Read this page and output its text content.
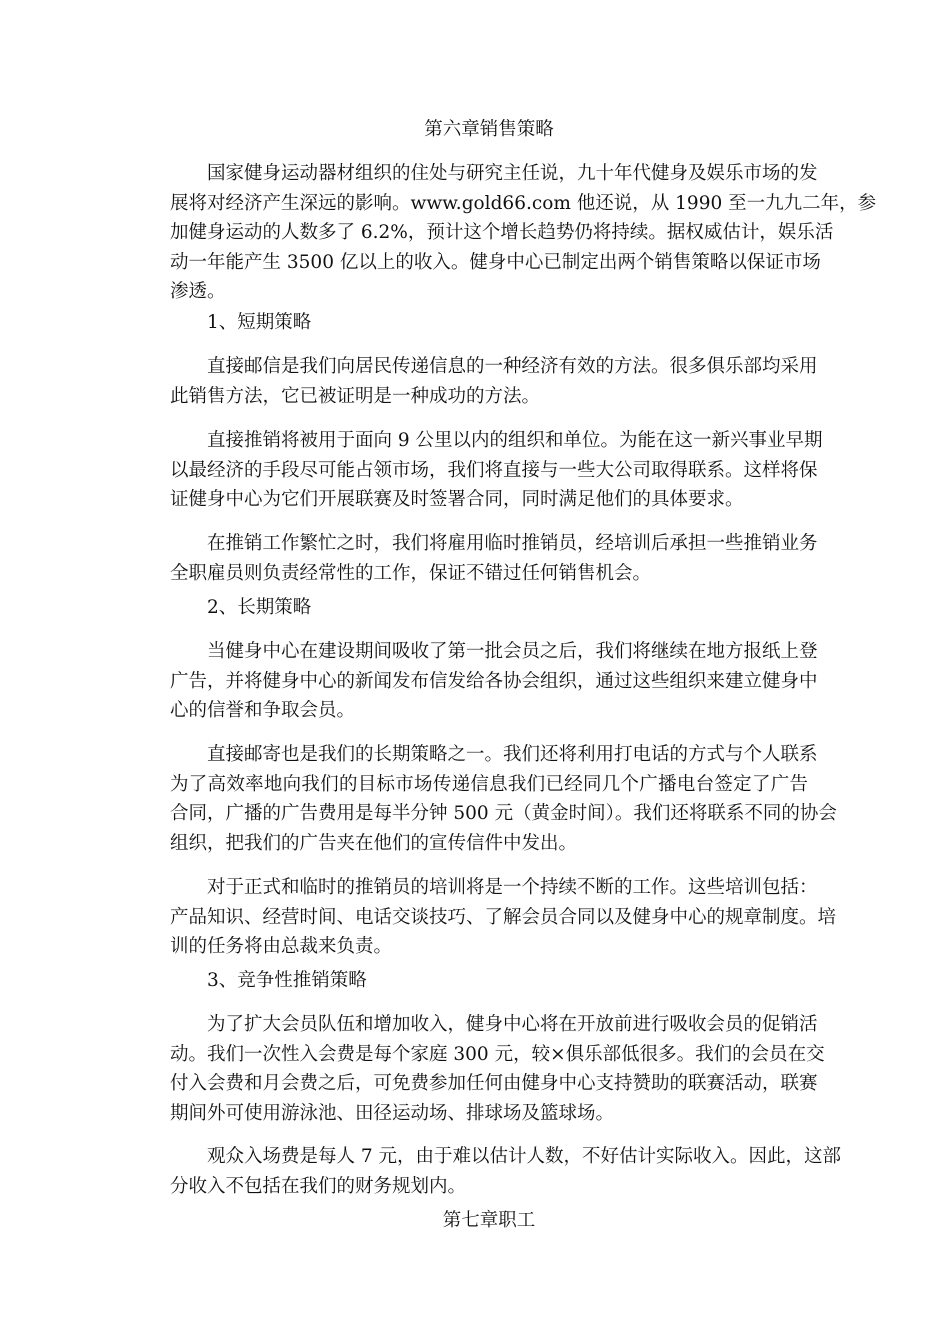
第六章销售策略
国家健身运动器材组织的住处与研究主任说，九十年代健身及娱乐市场的发
展将对经济产生深远的影响。www.gold66.com 他还说，从 1990 至一九九二年，参
加健身运动的人数多了 6.2%，预计这个增长趋势仍将持续。据权威估计，娱乐活
动一年能产生 3500 亿以上的收入。健身中心已制定出两个销售策略以保证市场
渗透。
1、短期策略
直接邮信是我们向居民传递信息的一种经济有效的方法。很多俱乐部均采用
此销售方法，它已被证明是一种成功的方法。
直接推销将被用于面向 9 公里以内的组织和单位。为能在这一新兴事业早期
以最经济的手段尽可能占领市场，我们将直接与一些大公司取得联系。这样将保
证健身中心为它们开展联赛及时签署合同，同时满足他们的具体要求。
在推销工作繁忙之时，我们将雇用临时推销员，经培训后承担一些推销业务
全职雇员则负责经常性的工作，保证不错过任何销售机会。
2、长期策略
当健身中心在建设期间吸收了第一批会员之后，我们将继续在地方报纸上登
广告，并将健身中心的新闻发布信发给各协会组织，通过这些组织来建立健身中
心的信誉和争取会员。
直接邮寄也是我们的长期策略之一。我们还将利用打电话的方式与个人联系
为了高效率地向我们的目标市场传递信息我们已经同几个广播电台签定了广告
合同，广播的广告费用是每半分钟 500 元（黄金时间）。我们还将联系不同的协会
组织，把我们的广告夹在他们的宣传信件中发出。
对于正式和临时的推销员的培训将是一个持续不断的工作。这些培训包括：
产品知识、经营时间、电话交谈技巧、了解会员合同以及健身中心的规章制度。培
训的任务将由总裁来负责。
3、竞争性推销策略
为了扩大会员队伍和增加收入，健身中心将在开放前进行吸收会员的促销活
动。我们一次性入会费是每个家庭 300 元，较×俱乐部低很多。我们的会员在交
付入会费和月会费之后，可免费参加任何由健身中心支持赞助的联赛活动，联赛
期间外可使用游泳池、田径运动场、排球场及篮球场。
观众入场费是每人 7 元，由于难以估计人数，不好估计实际收入。因此，这部
分收入不包括在我们的财务规划内。
第七章职工
